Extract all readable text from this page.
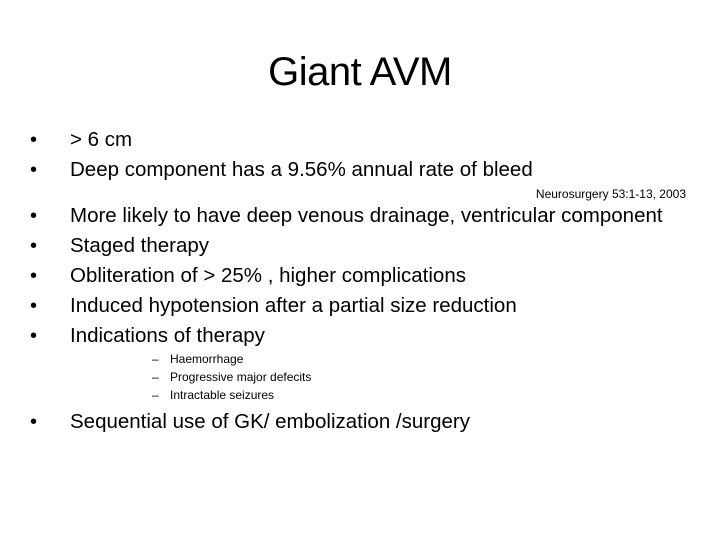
Giant AVM
Neurosurgery 53:1-13, 2003
•	> 6 cm
•	Deep component has a 9.56% annual rate of bleed
•	More likely to have deep venous drainage, ventricular component
•	Staged therapy
•	Obliteration of > 25% , higher complications
•	Induced hypotension after a partial size reduction
•	Indications of therapy
– Haemorrhage
– Progressive major defecits
– Intractable seizures
•	Sequential use of GK/ embolization /surgery
